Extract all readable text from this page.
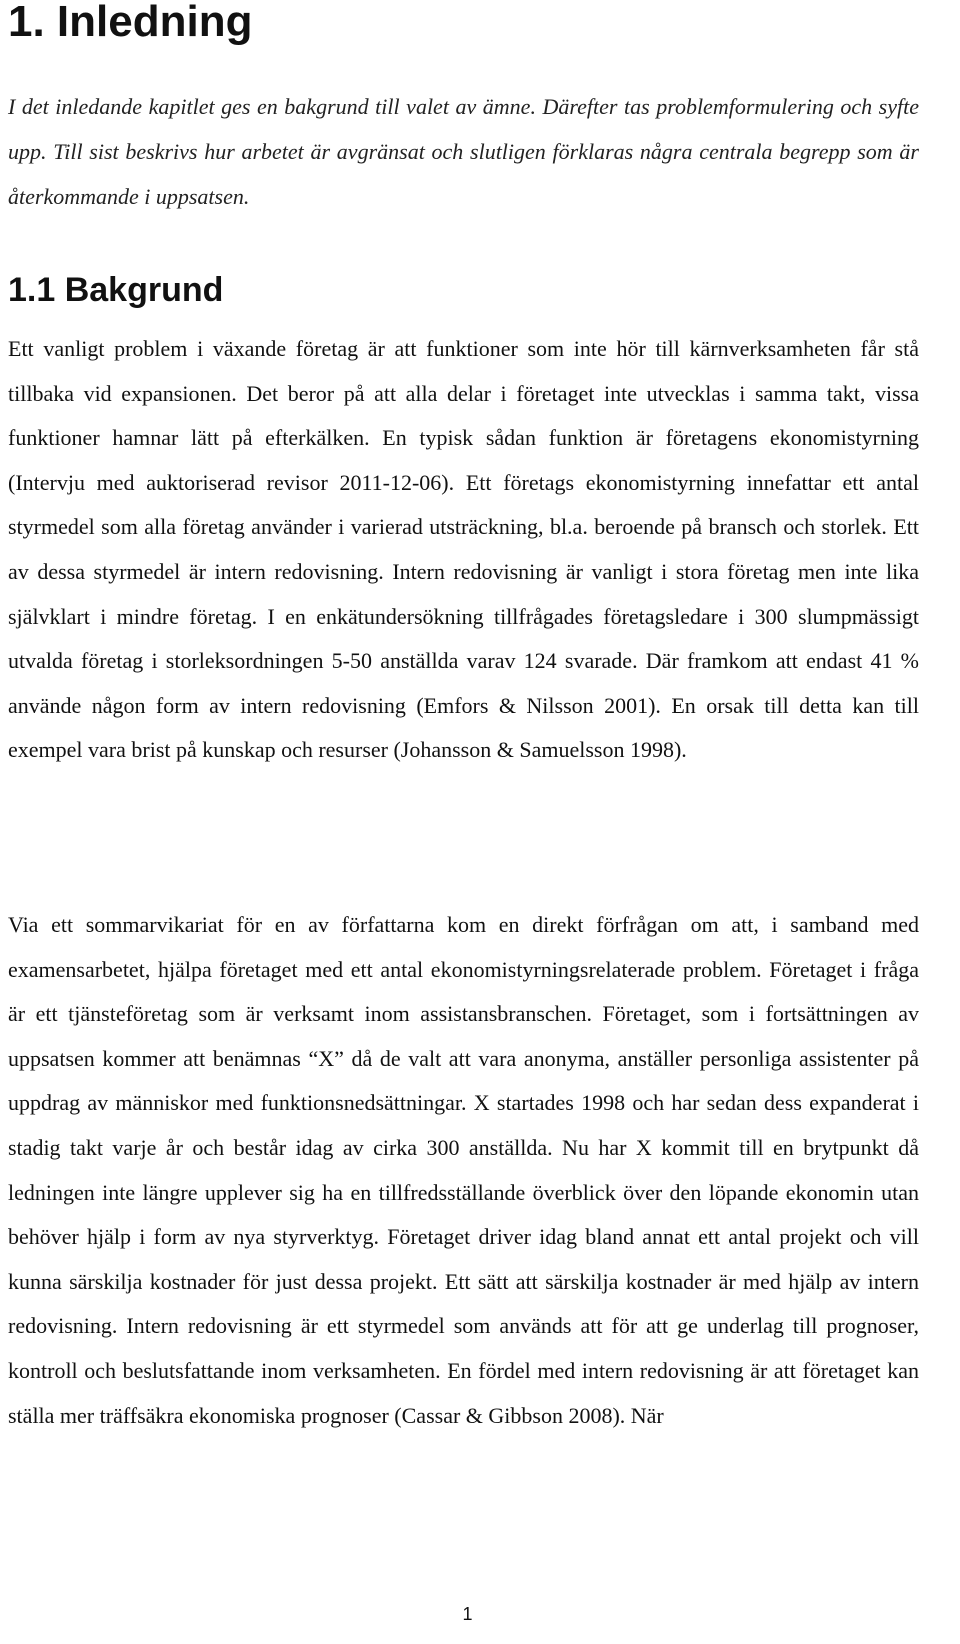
1. Inledning

I det inledande kapitlet ges en bakgrund till valet av ämne. Därefter tas problemformulering och syfte upp. Till sist beskrivs hur arbetet är avgränsat och slutligen förklaras några centrala begrepp som är återkommande i uppsatsen.

1.1 Bakgrund

Ett vanligt problem i växande företag är att funktioner som inte hör till kärnverksamheten får stå tillbaka vid expansionen. Det beror på att alla delar i företaget inte utvecklas i samma takt, vissa funktioner hamnar lätt på efterkälken. En typisk sådan funktion är företagens ekonomistyrning (Intervju med auktoriserad revisor 2011-12-06). Ett företags ekonomistyrning innefattar ett antal styrmedel som alla företag använder i varierad utsträckning, bl.a. beroende på bransch och storlek. Ett av dessa styrmedel är intern redovisning. Intern redovisning är vanligt i stora företag men inte lika självklart i mindre företag. I en enkätundersökning tillfrågades företagsledare i 300 slumpmässigt utvalda företag i storleksordningen 5-50 anställda varav 124 svarade. Där framkom att endast 41 % använde någon form av intern redovisning (Emfors & Nilsson 2001). En orsak till detta kan till exempel vara brist på kunskap och resurser (Johansson & Samuelsson 1998).

Via ett sommarvikariat för en av författarna kom en direkt förfrågan om att, i samband med examensarbetet, hjälpa företaget med ett antal ekonomistyrningsrelaterade problem. Företaget i fråga är ett tjänsteföretag som är verksamt inom assistansbranschen. Företaget, som i fortsättningen av uppsatsen kommer att benämnas “X” då de valt att vara anonyma, anställer personliga assistenter på uppdrag av människor med funktionsnedsättningar. X startades 1998 och har sedan dess expanderat i stadig takt varje år och består idag av cirka 300 anställda. Nu har X kommit till en brytpunkt då ledningen inte längre upplever sig ha en tillfredsställande överblick över den löpande ekonomin utan behöver hjälp i form av nya styrverktyg. Företaget driver idag bland annat ett antal projekt och vill kunna särskilja kostnader för just dessa projekt. Ett sätt att särskilja kostnader är med hjälp av intern redovisning. Intern redovisning är ett styrmedel som används att för att ge underlag till prognoser, kontroll och beslutsfattande inom verksamheten. En fördel med intern redovisning är att företaget kan ställa mer träffsäkra ekonomiska prognoser (Cassar & Gibbson 2008). När

1
